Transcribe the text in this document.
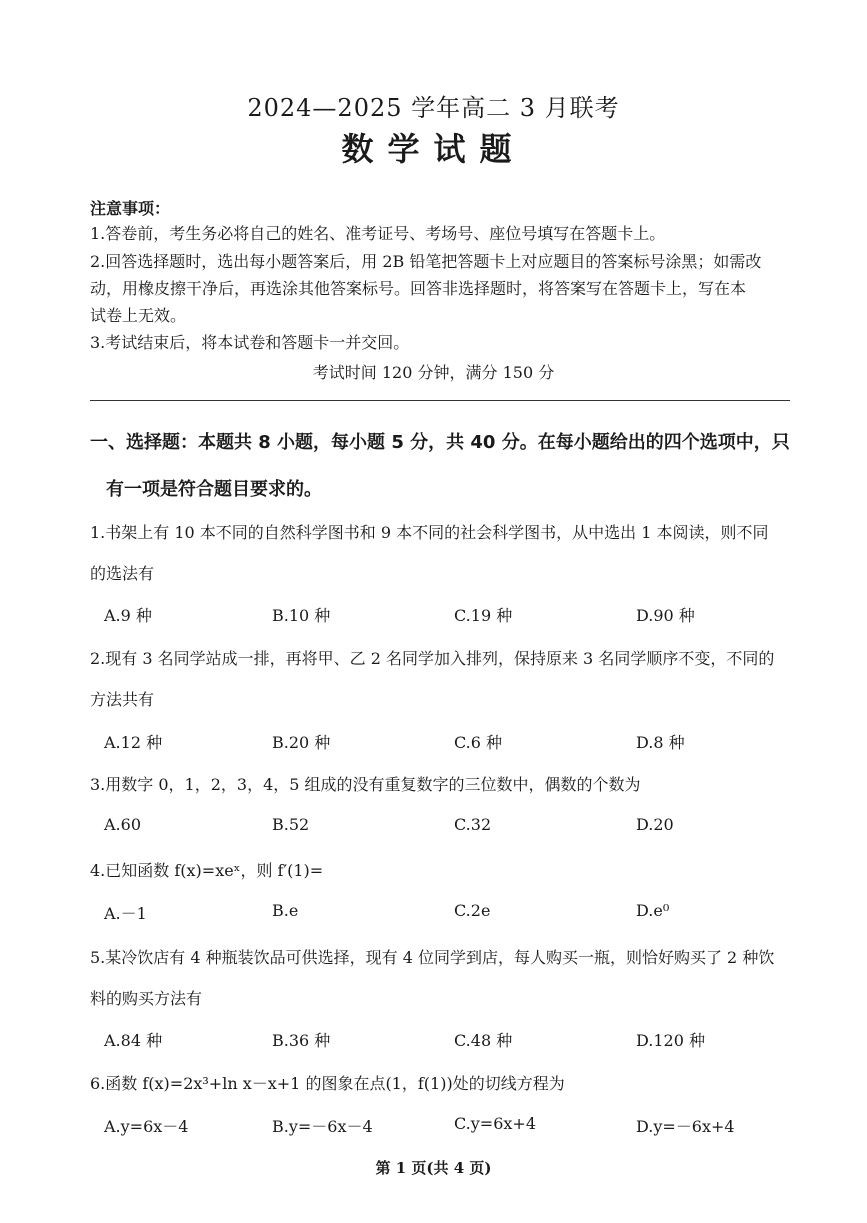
2024—2025 学年高二 3 月联考
数学试题
注意事项：
1.答卷前，考生务必将自己的姓名、准考证号、考场号、座位号填写在答题卡上。
2.回答选择题时，选出每小题答案后，用 2B 铅笔把答题卡上对应题目的答案标号涂黑；如需改
动，用橡皮擦干净后，再选涂其他答案标号。回答非选择题时，将答案写在答题卡上，写在本
试卷上无效。
3.考试结束后，将本试卷和答题卡一并交回。
考试时间 120 分钟，满分 150 分
一、选择题：本题共 8 小题，每小题 5 分，共 40 分。在每小题给出的四个选项中，只
有一项是符合题目要求的。
1.书架上有 10 本不同的自然科学图书和 9 本不同的社会科学图书，从中选出 1 本阅读，则不同
的选法有
A.9 种	B.10 种	C.19 种	D.90 种
2.现有 3 名同学站成一排，再将甲、乙 2 名同学加入排列，保持原来 3 名同学顺序不变，不同的
方法共有
A.12 种	B.20 种	C.6 种	D.8 种
3.用数字 0，1，2，3，4，5 组成的没有重复数字的三位数中，偶数的个数为
A.60	B.52	C.32	D.20
4.已知函数 f(x)=xeˣ，则 f′(1)=
A.－1	B.e	C.2e	D.e⁰
5.某冷饮店有 4 种瓶装饮品可供选择，现有 4 位同学到店，每人购买一瓶，则恰好购买了 2 种饮
料的购买方法有
A.84 种	B.36 种	C.48 种	D.120 种
6.函数 f(x)=2x³+ln x－x+1 的图象在点(1，f(1))处的切线方程为
A.y=6x－4	B.y=－6x－4	C.y=6x+4	D.y=－6x+4
第 1 页(共 4 页)
